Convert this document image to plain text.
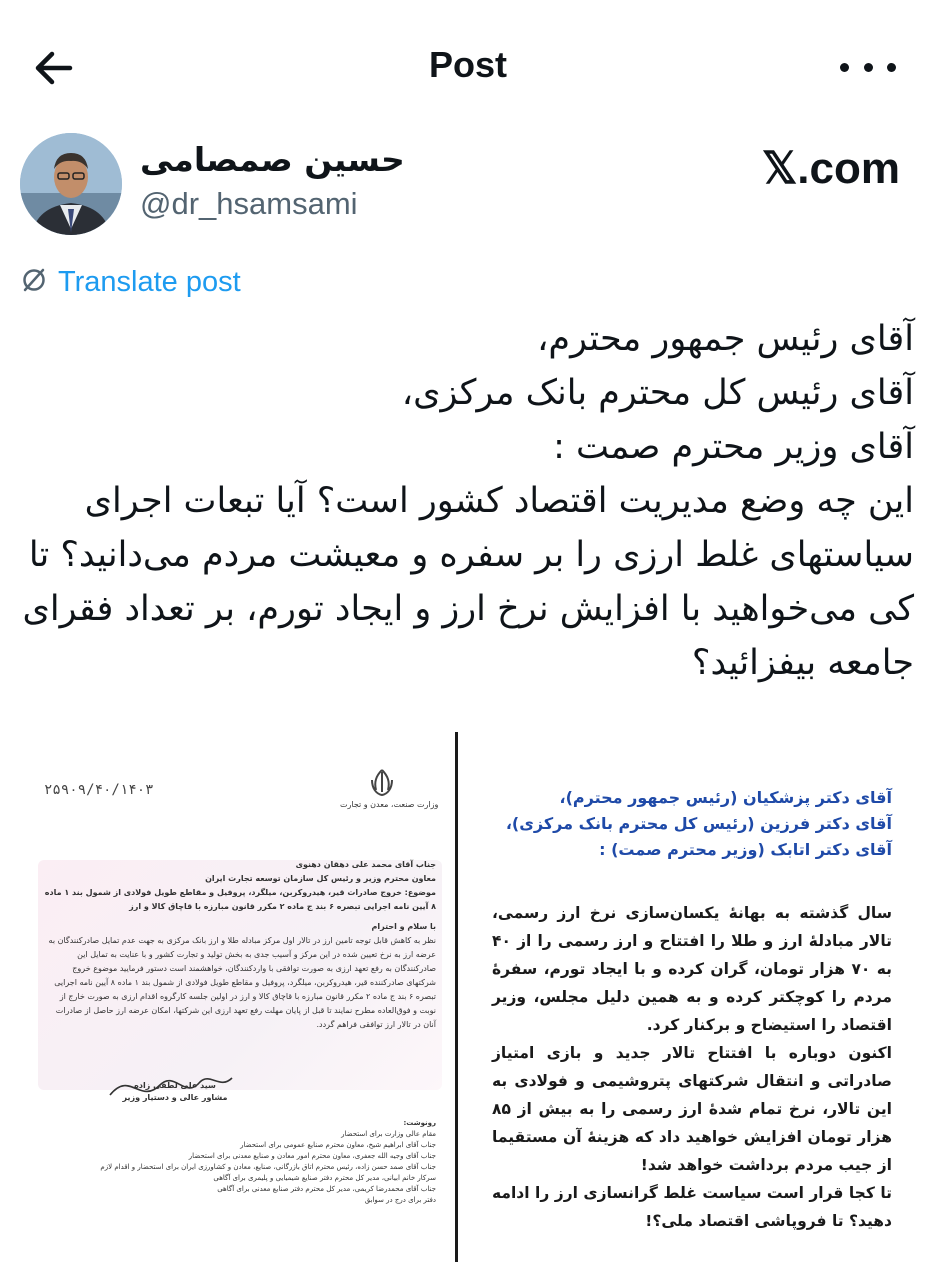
Post
حسین صمصامی
@dr_hsamsami
𝕏.com
Translate post
آقای رئیس جمهور محترم،
آقای رئیس کل محترم بانک مرکزی،
آقای وزیر محترم صمت :
این چه وضع مدیریت اقتصاد کشور است؟ آیا تبعات اجرای
سیاستهای غلط ارزی را بر سفره و معیشت مردم می‌دانید؟ تا
کی می‌خواهید با افزایش نرخ ارز و ایجاد تورم، بر تعداد فقرای
جامعه بیفزائید؟
وزارت صنعت، معدن و تجارت
۲۵۹۰۹/۴۰/۱۴۰۳
جناب آقای محمد علی دهقان دهنوی
معاون محترم وزیر و رئیس کل سازمان توسعه تجارت ایران
موضوع: خروج صادرات قیر، هیدروکربن، میلگرد، پروفیل و مقاطع طویل فولادی از شمول بند ۱ ماده ۸ آیین نامه اجرایی تبصره ۶ بند ج ماده ۲ مکرر قانون مبارزه با قاچاق کالا و ارز
با سلام و احترام
نظر به کاهش قابل توجه تامین ارز در تالار اول مرکز مبادله طلا و ارز بانک مرکزی به جهت عدم تمایل صادرکنندگان به عرضه ارز به نرخ تعیین شده در این مرکز و آسیب جدی به بخش تولید و تجارت کشور و با عنایت به تمایل این صادرکنندگان به رفع تعهد ارزی به صورت توافقی با واردکنندگان، خواهشمند است دستور فرمایید موضوع خروج شرکتهای صادرکننده قیر، هیدروکربن، میلگرد، پروفیل و مقاطع طویل فولادی از شمول بند ۱ ماده ۸ آیین نامه اجرایی تبصره ۶ بند ج ماده ۲ مکرر قانون مبارزه با قاچاق کالا و ارز در اولین جلسه کارگروه اقدام ارزی به صورت خارج از نوبت و فوق‌العاده مطرح نمایند تا قبل از پایان مهلت رفع تعهد ارزی این شرکتها، امکان عرضه ارز حاصل از صادرات آنان در تالار ارز توافقی فراهم گردد.
سید علی لطفی زاده
مشاور عالی و دستیار وزیر
رونوشت:
مقام عالی وزارت برای استحضار
جناب آقای ابراهیم شیخ، معاون محترم صنایع عمومی برای استحضار
جناب آقای وجیه الله جعفری، معاون محترم امور معادن و صنایع معدنی برای استحضار
جناب آقای صمد حسن زاده، رئیس محترم اتاق بازرگانی، صنایع، معادن و کشاورزی ایران برای استحضار و اقدام لازم
سرکار خانم ابیانی، مدیر کل محترم دفتر صنایع شیمیایی و پلیمری برای آگاهی
جناب آقای محمدرضا کریمی، مدیر کل محترم دفتر صنایع معدنی برای آگاهی
دفتر برای درج در سوابق
آقای دکتر پزشکیان (رئیس جمهور محترم)،
آقای دکتر فرزین (رئیس کل محترم بانک مرکزی)،
آقای دکتر اتابک (وزیر محترم صمت) :
سال گذشته به بهانهٔ یکسان‌سازی نرخ ارز رسمی، تالار مبادلهٔ ارز و طلا را افتتاح و ارز رسمی را از ۴۰ به ۷۰ هزار تومان، گران کرده و با ایجاد تورم، سفرهٔ مردم را کوچکتر کرده و به همین دلیل مجلس، وزیر اقتصاد را استیضاح و برکنار کرد.
اکنون دوباره با افتتاح تالار جدید و بازی امتیاز صادراتی و انتقال شرکتهای پتروشیمی و فولادی به این تالار، نرخ تمام شدهٔ ارز رسمی را به بیش از ۸۵ هزار تومان افزایش خواهید داد که هزینهٔ آن مستقیما از جیب مردم برداشت خواهد شد!
تا کجا قرار است سیاست غلط گرانسازی ارز را ادامه دهید؟ تا فروپاشی اقتصاد ملی؟!
